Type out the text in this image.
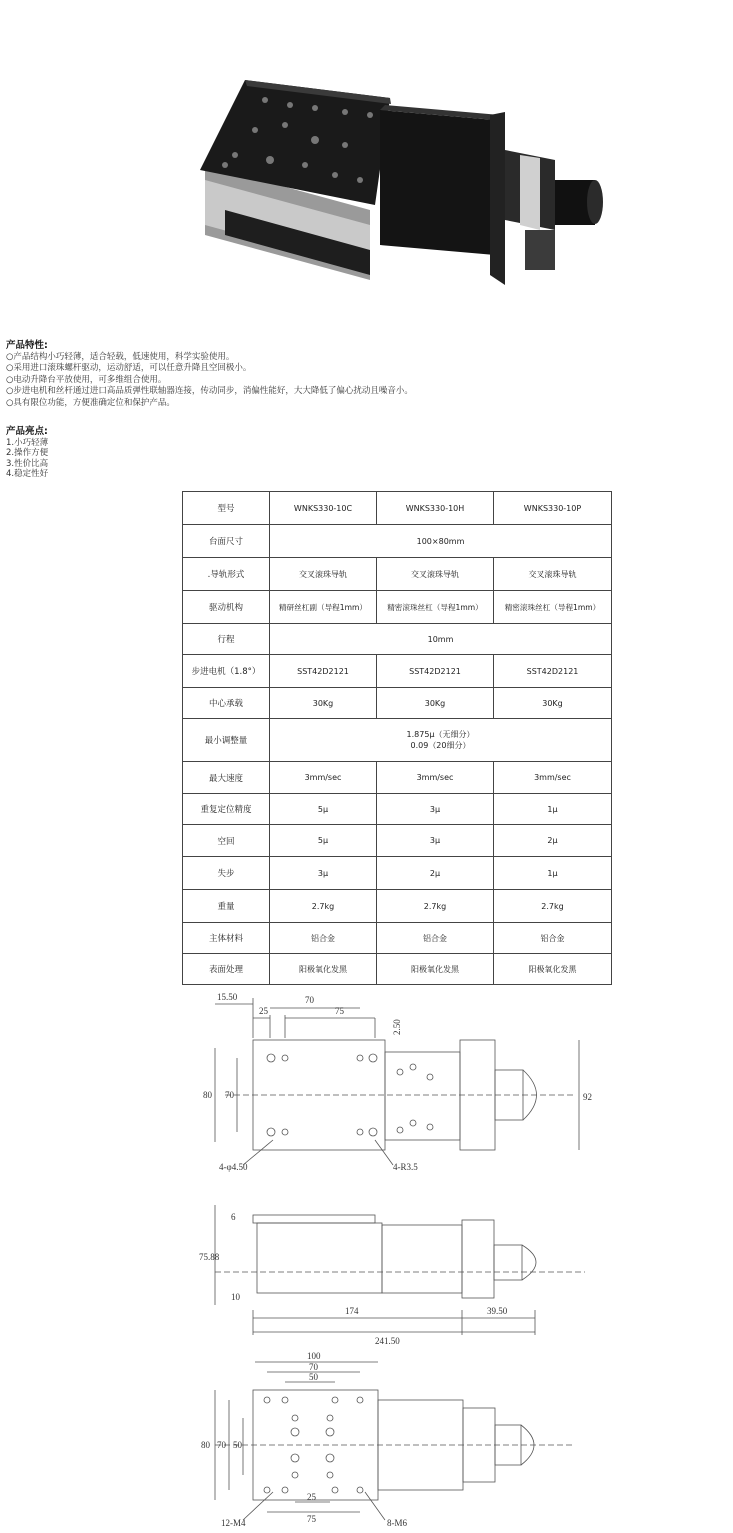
产品特性:
○产品结构小巧轻薄，适合轻载，低速使用，科学实验使用。
○采用进口滚珠螺杆驱动，运动舒适，可以任意升降且空回极小。
○电动升降台平放使用，可多维组合使用。
○步进电机和丝杆通过进口高品质弹性联轴器连接，传动同步，消偏性能好，大大降低了偏心扰动且噪音小。
○具有限位功能，方便准确定位和保护产品。
产品亮点:
1.小巧轻薄
2.操作方便
3.性价比高
4.稳定性好
型号	WNKS330-10C	WNKS330-10H	WNKS330-10P
台面尺寸	100×80mm		
.导轨形式	交叉滚珠导轨	交叉滚珠导轨	交叉滚珠导轨
驱动机构	精研丝杠副（导程1mm）	精密滚珠丝杠（导程1mm）	精密滚珠丝杠（导程1mm）
行程	10mm		
步进电机（1.8°）	SST42D2121	SST42D2121	SST42D2121
中心承载	30Kg	30Kg	30Kg
最小调整量	1.875μ（无细分）
0.09（20细分）		

最大速度	3mm/sec	3mm/sec	3mm/sec
重复定位精度	5μ	3μ	1μ
空回	5μ	3μ	2μ
失步	3μ	2μ	1μ
重量	2.7kg	2.7kg	2.7kg
主体材料	铝合金	铝合金	铝合金
表面处理	阳极氧化发黑	阳极氧化发黑	阳极氧化发黑
15.50	70
25	75
2.50
80 70	92
4-φ4.50	4-R3.5
6
75.88
10
174	39.50
241.50
100
70
50
80 70 50
25
75
12-M4	8-M6
